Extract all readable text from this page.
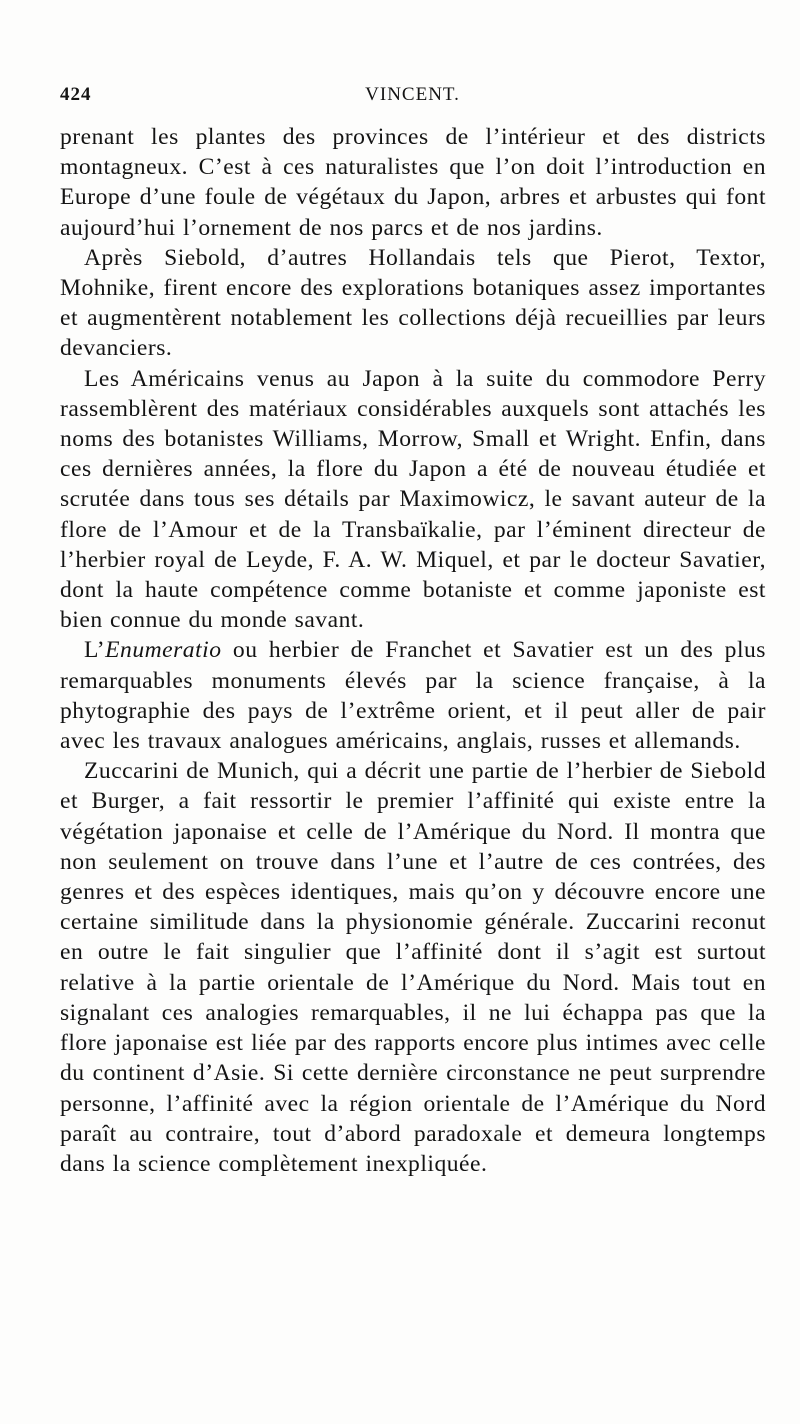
424	VINCENT.

prenant les plantes des provinces de l’intérieur et des districts montagneux. C’est à ces naturalistes que l’on doit l’introduction en Europe d’une foule de végétaux du Japon, arbres et arbustes qui font aujourd’hui l’ornement de nos parcs et de nos jardins.

Après Siebold, d’autres Hollandais tels que Pierot, Textor, Mohnike, firent encore des explorations botaniques assez importantes et augmentèrent notablement les collections déjà recueillies par leurs devanciers.

Les Américains venus au Japon à la suite du commodore Perry rassemblèrent des matériaux considérables auxquels sont attachés les noms des botanistes Williams, Morrow, Small et Wright. Enfin, dans ces dernières années, la flore du Japon a été de nouveau étudiée et scrutée dans tous ses détails par Maximowicz, le savant auteur de la flore de l’Amour et de la Transbaïkalie, par l’éminent directeur de l’herbier royal de Leyde, F. A. W. Miquel, et par le docteur Savatier, dont la haute compétence comme botaniste et comme japoniste est bien connue du monde savant.

L’Enumeratio ou herbier de Franchet et Savatier est un des plus remarquables monuments élevés par la science française, à la phytographie des pays de l’extrême orient, et il peut aller de pair avec les travaux analogues américains, anglais, russes et allemands.

Zuccarini de Munich, qui a décrit une partie de l’herbier de Siebold et Burger, a fait ressortir le premier l’affinité qui existe entre la végétation japonaise et celle de l’Amérique du Nord. Il montra que non seulement on trouve dans l’une et l’autre de ces contrées, des genres et des espèces identiques, mais qu’on y découvre encore une certaine similitude dans la physionomie générale. Zuccarini reconut en outre le fait singulier que l’affinité dont il s’agit est surtout relative à la partie orientale de l’Amérique du Nord. Mais tout en signalant ces analogies remarquables, il ne lui échappa pas que la flore japonaise est liée par des rapports encore plus intimes avec celle du continent d’Asie. Si cette dernière circonstance ne peut surprendre personne, l’affinité avec la région orientale de l’Amérique du Nord paraît au contraire, tout d’abord paradoxale et demeura longtemps dans la science complètement inexpliquée.
